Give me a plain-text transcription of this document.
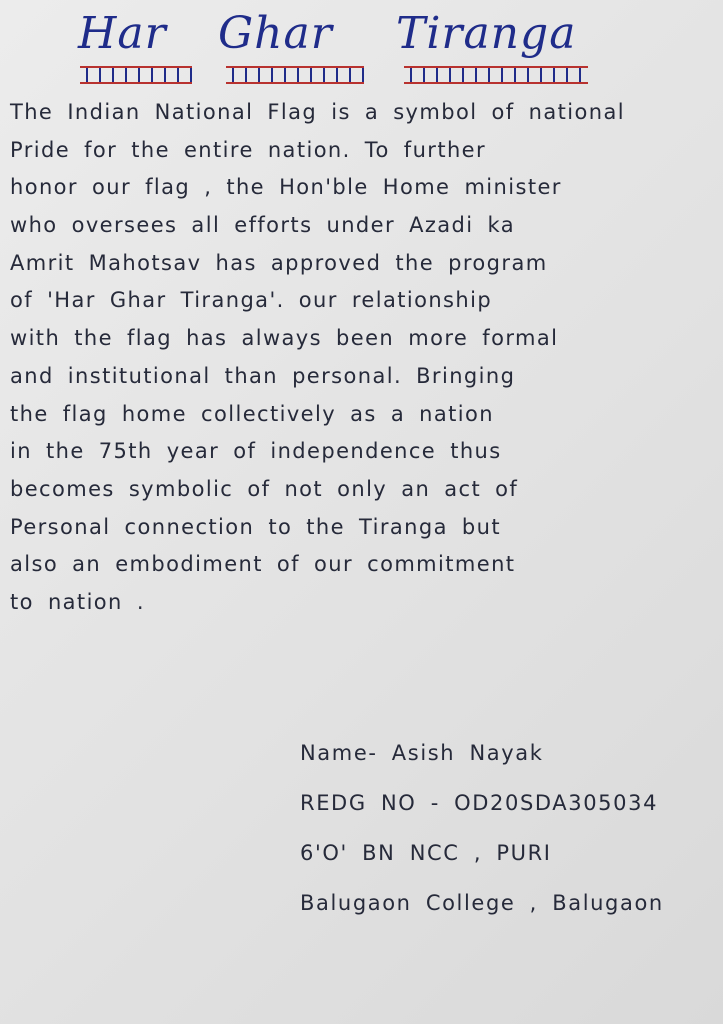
Har Ghar Tiranga
The Indian National Flag is a symbol of national
Pride for the entire nation. To further
honor our flag , the Hon'ble Home minister
who oversees all efforts under Azadi ka
Amrit Mahotsav has approved the program
of 'Har Ghar Tiranga'. our relationship
with the flag has always been more formal
and institutional than personal. Bringing
the flag home collectively as a nation
in the 75th year of independence thus
becomes symbolic of not only an act of
Personal connection to the Tiranga but
also an embodiment of our commitment
to nation .
Name- Asish Nayak
REDG NO - OD20SDA305034
6'O' BN NCC , PURI
Balugaon College , Balugaon
